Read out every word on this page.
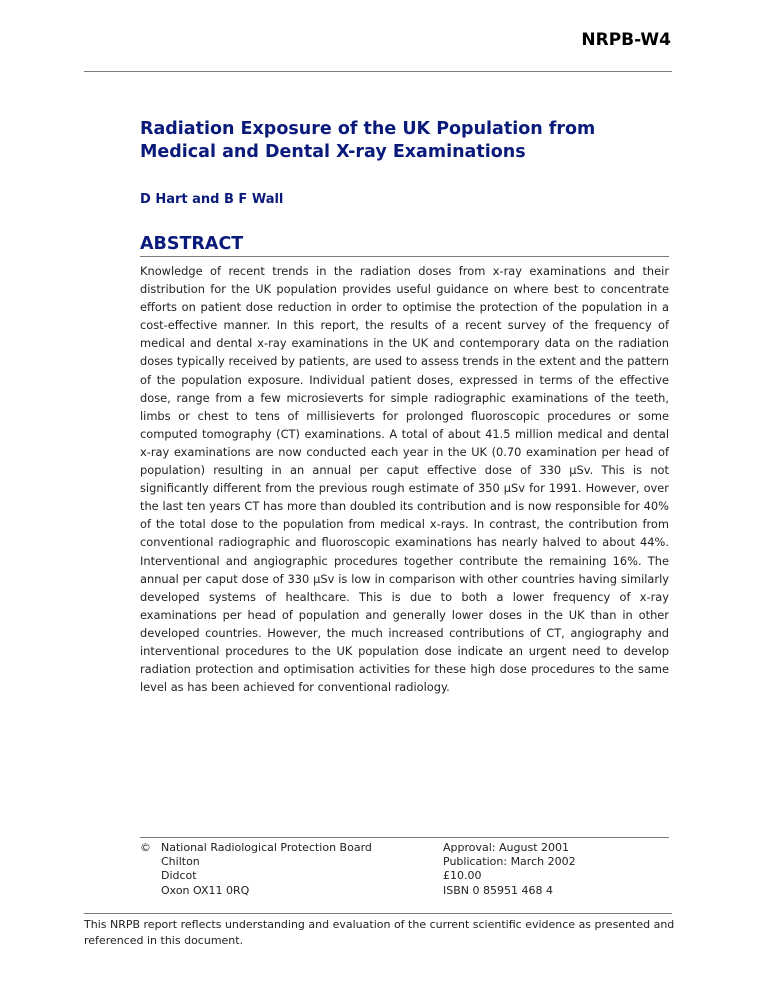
NRPB-W4
Radiation Exposure of the UK Population from
Medical and Dental X-ray Examinations
D Hart and B F Wall
ABSTRACT

Knowledge of recent trends in the radiation doses from x-ray examinations and their distribution for the UK population provides useful guidance on where best to concentrate efforts on patient dose reduction in order to optimise the protection of the population in a cost-effective manner. In this report, the results of a recent survey of the frequency of medical and dental x-ray examinations in the UK and contemporary data on the radiation doses typically received by patients, are used to assess trends in the extent and the pattern of the population exposure. Individual patient doses, expressed in terms of the effective dose, range from a few microsieverts for simple radiographic examinations of the teeth, limbs or chest to tens of millisieverts for prolonged fluoroscopic procedures or some computed tomography (CT) examinations. A total of about 41.5 million medical and dental x-ray examinations are now conducted each year in the UK (0.70 examination per head of population) resulting in an annual per caput effective dose of 330 µSv. This is not significantly different from the previous rough estimate of 350 µSv for 1991. However, over the last ten years CT has more than doubled its contribution and is now responsible for 40% of the total dose to the population from medical x-rays. In contrast, the contribution from conventional radiographic and fluoroscopic examinations has nearly halved to about 44%. Interventional and angiographic procedures together contribute the remaining 16%. The annual per caput dose of 330 µSv is low in comparison with other countries having similarly developed systems of healthcare. This is due to both a lower frequency of x-ray examinations per head of population and generally lower doses in the UK than in other developed countries. However, the much increased contributions of CT, angiography and interventional procedures to the UK population dose indicate an urgent need to develop radiation protection and optimisation activities for these high dose procedures to the same level as has been achieved for conventional radiology.

© National Radiological Protection Board
Chilton
Didcot
Oxon OX11 0RQ
Approval: August 2001
Publication: March 2002
£10.00
ISBN 0 85951 468 4

This NRPB report reflects understanding and evaluation of the current scientific evidence as presented and referenced in this document.
